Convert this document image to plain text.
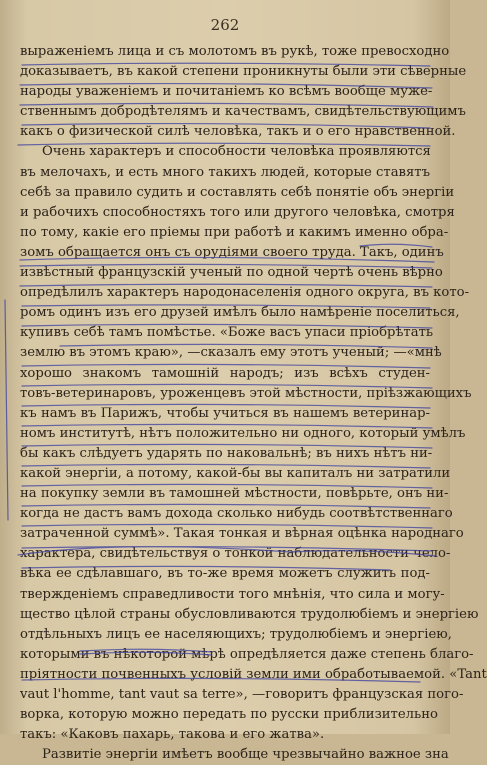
262
выраженіемъ лица и съ молотомъ въ рукѣ, тоже превосходно
доказываетъ, въ какой степени проникнуты были эти сѣверные
народы уваженіемъ и почитаніемъ ко всѣмъ вообще муже-
ственнымъ добродѣтелямъ и качествамъ, свидѣтельствующимъ
какъ о физической силѣ человѣка, такъ и о его нравственной.
Очень характеръ и способности человѣка проявляются
въ мелочахъ, и есть много такихъ людей, которые ставятъ
себѣ за правило судить и составлять себѣ понятіе объ энергіи
и рабочихъ способностяхъ того или другого человѣка, смотря
по тому, какіе его пріемы при работѣ и какимъ именно обра-
зомъ обращается онъ съ орудіями своего труда. Такъ, одинъ
извѣстный французскій ученый по одной чертѣ очень вѣрно
опредѣлилъ характеръ народонаселенія одного округа, въ кото-
ромъ одинъ изъ его друзей имѣлъ было намѣреніе поселиться,
купивъ себѣ тамъ помѣстье. «Боже васъ упаси пріобрѣтать
землю въ этомъ краю», —сказалъ ему этотъ ученый; —«мнѣ
хорошо знакомъ тамошній народъ; изъ всѣхъ студен-
товъ-ветеринаровъ, уроженцевъ этой мѣстности, пріѣзжающихъ
къ намъ въ Парижъ, чтобы учиться въ нашемъ ветеринар-
номъ институтѣ, нѣтъ положительно ни одного, который умѣлъ
бы какъ слѣдуетъ ударять по наковальнѣ; въ нихъ нѣтъ ни-
какой энергіи, а потому, какой-бы вы капиталъ ни затратили
на покупку земли въ тамошней мѣстности, повѣрьте, онъ ни-
когда не дастъ вамъ дохода сколько нибудь соотвѣтственнаго
затраченной суммѣ». Такая тонкая и вѣрная оцѣнка народнаго
характера, свидѣтельствуя о тонкой наблюдательности чело-
вѣка ее сдѣлавшаго, въ то-же время можетъ служить под-
твержденіемъ справедливости того мнѣнія, что сила и могу-
щество цѣлой страны обусловливаются трудолюбіемъ и энергіею
отдѣльныхъ лицъ ее населяющихъ; трудолюбіемъ и энергіею,
которыми въ нѣкоторой мѣрѣ опредѣляется даже степень благо-
пріятности почвенныхъ условій земли ими обработываемой. «Tant
vaut l'homme, tant vaut sa terre», —говоритъ французская пого-
ворка, которую можно передать по русски приблизительно
такъ: «Каковъ пахарь, такова и его жатва».
Развитіе энергіи имѣетъ вообще чрезвычайно важное зна
